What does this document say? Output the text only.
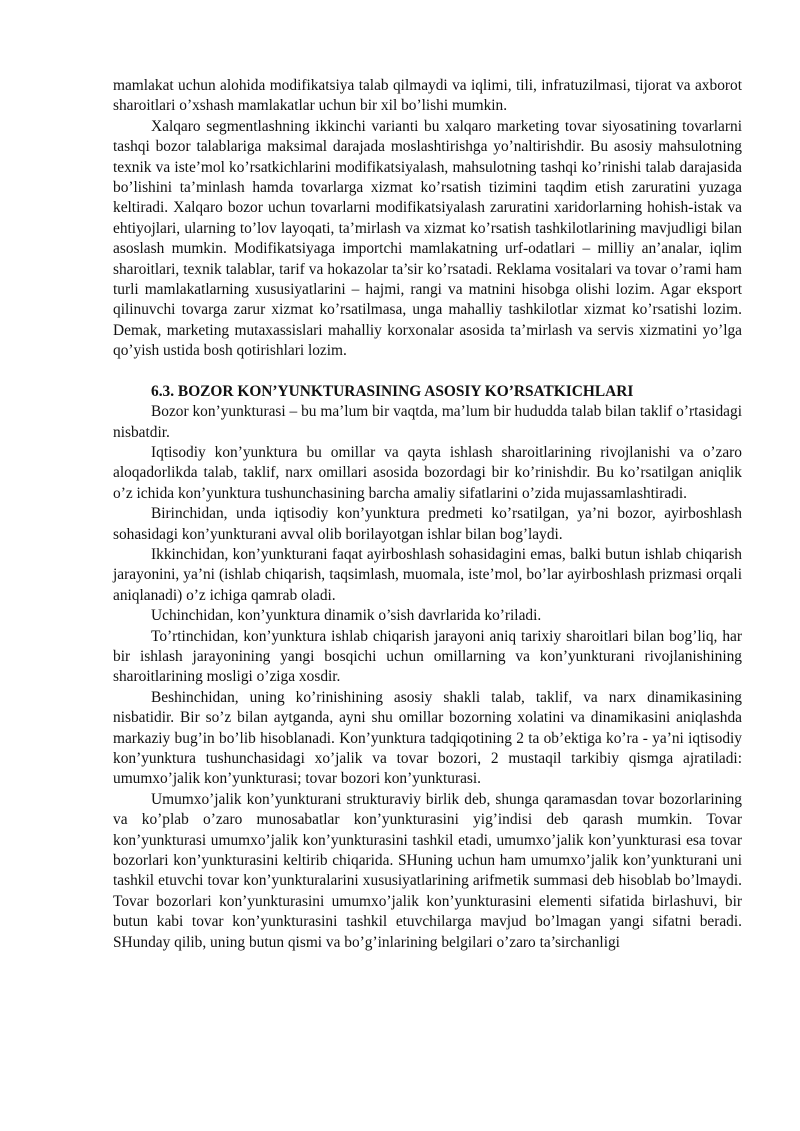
mamlakat uchun alohida modifikatsiya talab qilmaydi va iqlimi, tili, infratuzilmasi, tijorat va axborot sharoitlari o’xshash mamlakatlar uchun bir xil bo’lishi mumkin.

Xalqaro segmentlashning ikkinchi varianti bu xalqaro marketing tovar siyosatining tovarlarni tashqi bozor talablariga maksimal darajada moslashtirishga yo’naltirishdir. Bu asosiy mahsulotning texnik va iste’mol ko’rsatkichlarini modifikatsiyalash, mahsulotning tashqi ko’rinishi talab darajasida bo’lishini ta’minlash hamda tovarlarga xizmat ko’rsatish tizimini taqdim etish zaruratini yuzaga keltiradi. Xalqaro bozor uchun tovarlarni modifikatsiyalash zaruratini xaridorlarning hohish-istak va ehtiyojlari, ularning to’lov layoqati, ta’mirlash va xizmat ko’rsatish tashkilotlarining mavjudligi bilan asoslash mumkin. Modifikatsiyaga importchi mamlakatning urf-odatlari – milliy an’analar, iqlim sharoitlari, texnik talablar, tarif va hokazolar ta’sir ko’rsatadi. Reklama vositalari va tovar o’rami ham turli mamlakatlarning xususiyatlarini – hajmi, rangi va matnini hisobga olishi lozim. Agar eksport qilinuvchi tovarga zarur xizmat ko’rsatilmasa, unga mahalliy tashkilotlar xizmat ko’rsatishi lozim. Demak, marketing mutaxassislari mahalliy korxonalar asosida ta’mirlash va servis xizmatini yo’lga qo’yish ustida bosh qotirishlari lozim.

6.3. BOZOR KON’YUNKTURASINING ASOSIY KO’RSATKICHLARI

Bozor kon’yunkturasi – bu ma’lum bir vaqtda, ma’lum bir hududda talab bilan taklif o’rtasidagi nisbatdir.

Iqtisodiy kon’yunktura bu omillar va qayta ishlash sharoitlarining rivojlanishi va o’zaro aloqadorlikda talab, taklif, narx omillari asosida bozordagi bir ko’rinishdir. Bu ko’rsatilgan aniqlik o’z ichida kon’yunktura tushunchasining barcha amaliy sifatlarini o’zida mujassamlashtiradi.

Birinchidan, unda iqtisodiy kon’yunktura predmeti ko’rsatilgan, ya’ni bozor, ayirboshlash sohasidagi kon’yunkturani avval olib borilayotgan ishlar bilan bog’laydi.

Ikkinchidan, kon’yunkturani faqat ayirboshlash sohasidagini emas, balki butun ishlab chiqarish jarayonini, ya’ni (ishlab chiqarish, taqsimlash, muomala, iste’mol, bo’lar ayirboshlash prizmasi orqali aniqlanadi) o’z ichiga qamrab oladi.

Uchinchidan, kon’yunktura dinamik o’sish davrlarida ko’riladi.

To’rtinchidan, kon’yunktura ishlab chiqarish jarayoni aniq tarixiy sharoitlari bilan bog’liq, har bir ishlash jarayonining yangi bosqichi uchun omillarning va kon’yunkturani rivojlanishining sharoitlarining mosligi o’ziga xosdir.

Beshinchidan, uning ko’rinishining asosiy shakli talab, taklif, va narx dinamikasining nisbatidir. Bir so’z bilan aytganda, ayni shu omillar bozorning xolatini va dinamikasini aniqlashda markaziy bug’in bo’lib hisoblanadi. Kon’yunktura tadqiqotining 2 ta ob’ektiga ko’ra - ya’ni iqtisodiy kon’yunktura tushunchasidagi xo’jalik va tovar bozori, 2 mustaqil tarkibiy qismga ajratiladi: umumxo’jalik kon’yunkturasi; tovar bozori kon’yunkturasi.

Umumxo’jalik kon’yunkturani strukturaviy birlik deb, shunga qaramasdan tovar bozorlarining va ko’plab o’zaro munosabatlar kon’yunkturasini yig’indisi deb qarash mumkin. Tovar kon’yunkturasi umumxo’jalik kon’yunkturasini tashkil etadi, umumxo’jalik kon’yunkturasi esa tovar bozorlari kon’yunkturasini keltirib chiqarida. SHuning uchun ham umumxo’jalik kon’yunkturani uni tashkil etuvchi tovar kon’yunkturalarini xususiyatlarining arifmetik summasi deb hisoblab bo’lmaydi. Tovar bozorlari kon’yunkturasini umumxo’jalik kon’yunkturasini elementi sifatida birlashuvi, bir butun kabi tovar kon’yunkturasini tashkil etuvchilarga mavjud bo’lmagan yangi sifatni beradi. SHunday qilib, uning butun qismi va bo’g’inlarining belgilari o’zaro ta’sirchanligi
